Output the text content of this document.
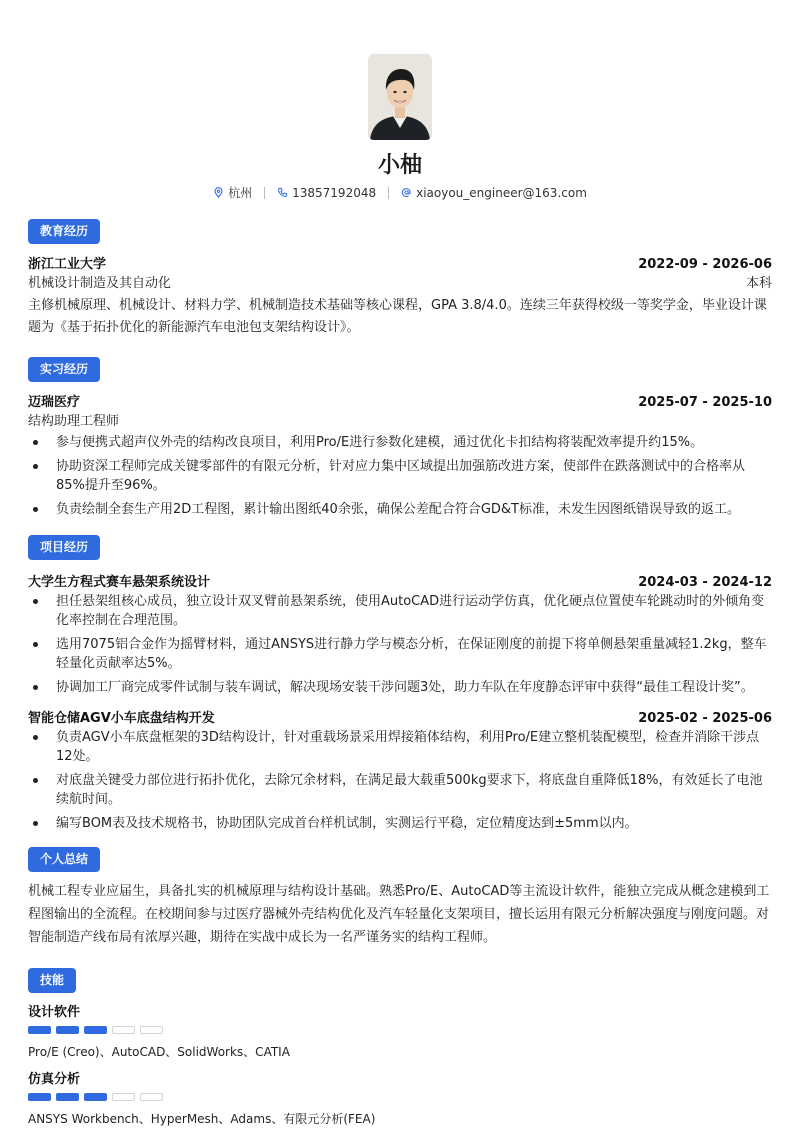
小柚
杭州	13857192048	xiaoyou_engineer@163.com
教育经历
浙江工业大学	2022-09 - 2026-06
机械设计制造及其自动化	本科
主修机械原理、机械设计、材料力学、机械制造技术基础等核心课程，GPA 3.8/4.0。连续三年获得校级一等奖学金，毕业设计课题为《基于拓扑优化的新能源汽车电池包支架结构设计》。
实习经历
迈瑞医疗	2025-07 - 2025-10
结构助理工程师
参与便携式超声仪外壳的结构改良项目，利用Pro/E进行参数化建模，通过优化卡扣结构将装配效率提升约15%。
协助资深工程师完成关键零部件的有限元分析，针对应力集中区域提出加强筋改进方案，使部件在跌落测试中的合格率从85%提升至96%。
负责绘制全套生产用2D工程图，累计输出图纸40余张，确保公差配合符合GD&T标准，未发生因图纸错误导致的返工。
项目经历
大学生方程式赛车悬架系统设计	2024-03 - 2024-12
担任悬架组核心成员，独立设计双叉臂前悬架系统，使用AutoCAD进行运动学仿真，优化硬点位置使车轮跳动时的外倾角变化率控制在合理范围。
选用7075铝合金作为摇臂材料，通过ANSYS进行静力学与模态分析，在保证刚度的前提下将单侧悬架重量减轻1.2kg，整车轻量化贡献率达5%。
协调加工厂商完成零件试制与装车调试，解决现场安装干涉问题3处，助力车队在年度静态评审中获得“最佳工程设计奖”。
智能仓储AGV小车底盘结构开发	2025-02 - 2025-06
负责AGV小车底盘框架的3D结构设计，针对重载场景采用焊接箱体结构，利用Pro/E建立整机装配模型，检查并消除干涉点12处。
对底盘关键受力部位进行拓扑优化，去除冗余材料，在满足最大载重500kg要求下，将底盘自重降低18%，有效延长了电池续航时间。
编写BOM表及技术规格书，协助团队完成首台样机试制，实测运行平稳，定位精度达到±5mm以内。
个人总结
机械工程专业应届生，具备扎实的机械原理与结构设计基础。熟悉Pro/E、AutoCAD等主流设计软件，能独立完成从概念建模到工程图输出的全流程。在校期间参与过医疗器械外壳结构优化及汽车轻量化支架项目，擅长运用有限元分析解决强度与刚度问题。对智能制造产线布局有浓厚兴趣，期待在实战中成长为一名严谨务实的结构工程师。
技能
设计软件
Pro/E (Creo)、AutoCAD、SolidWorks、CATIA
仿真分析
ANSYS Workbench、HyperMesh、Adams、有限元分析(FEA)
